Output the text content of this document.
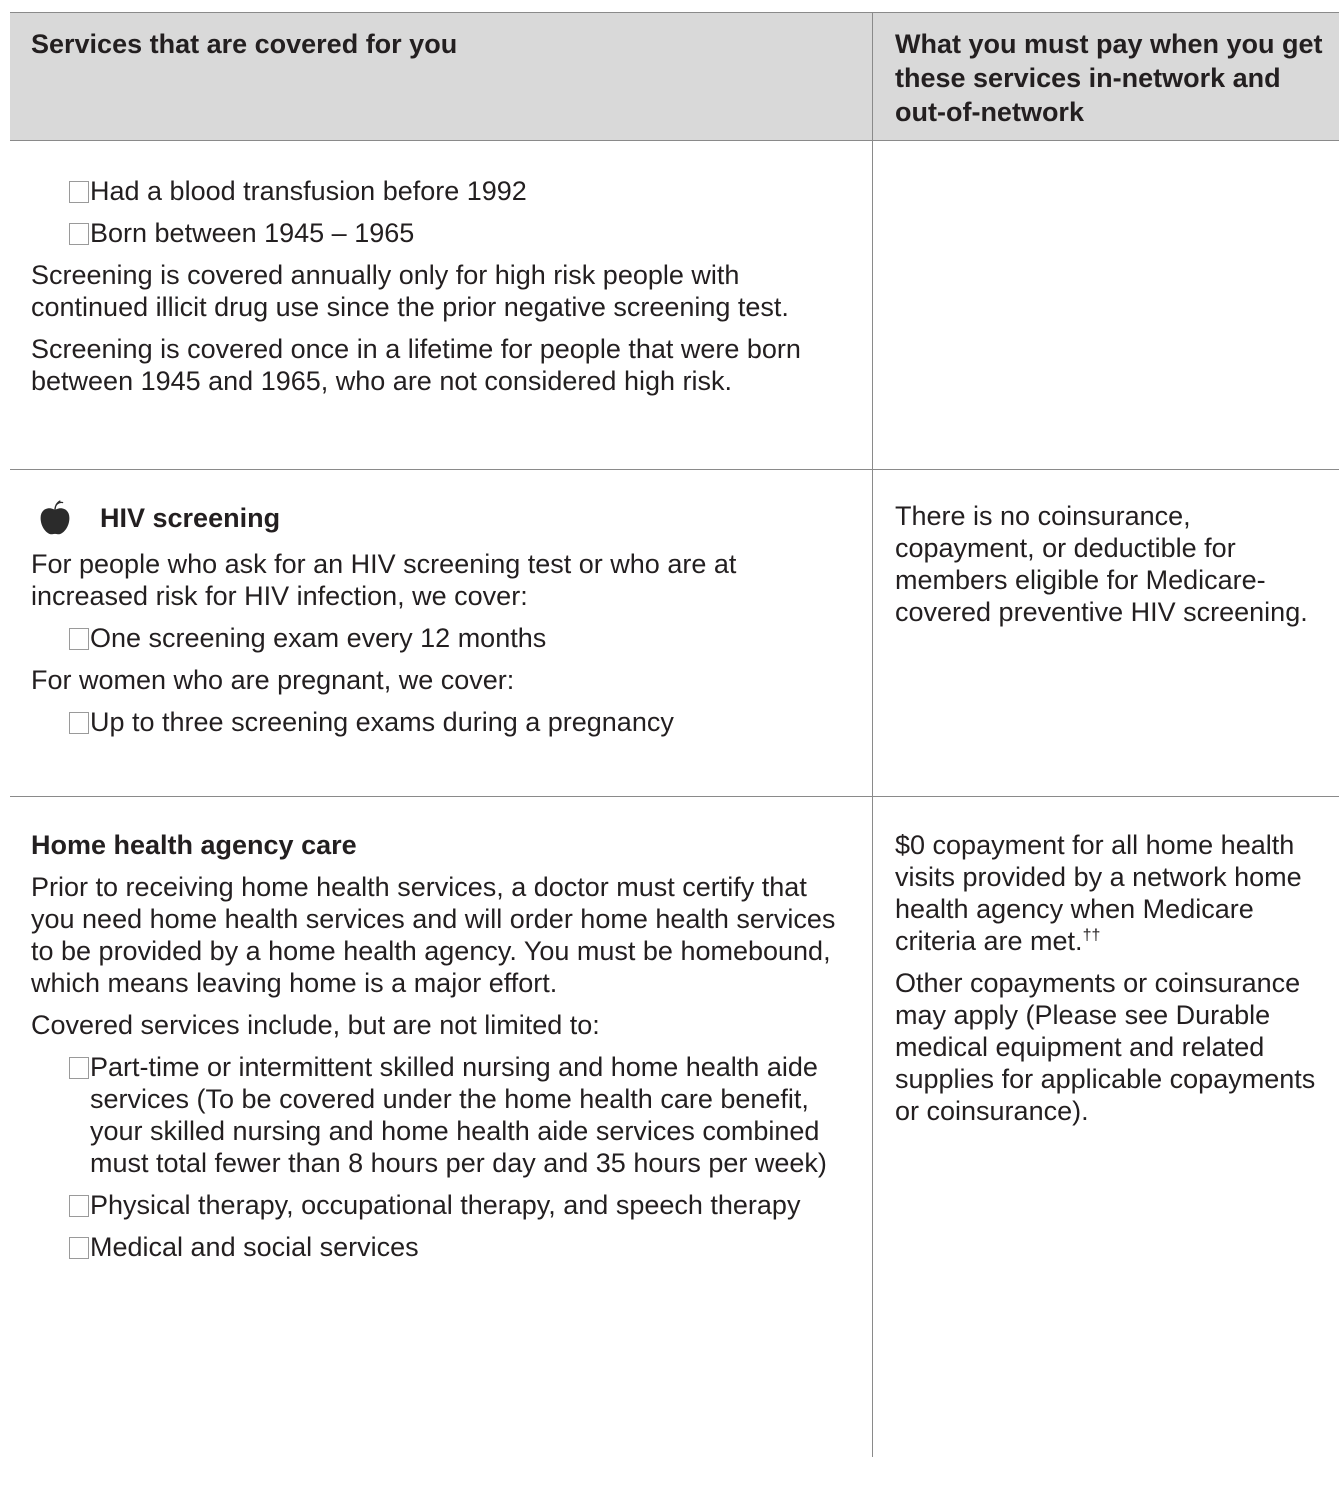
Services that are covered for you	What you must pay when you get these services in-network and out-of-network
Had a blood transfusion before 1992
Born between 1945 – 1965

Screening is covered annually only for high risk people with continued illicit drug use since the prior negative screening test.

Screening is covered once in a lifetime for people that were born between 1945 and 1965, who are not considered high risk.

HIV screening

For people who ask for an HIV screening test or who are at increased risk for HIV infection, we cover:

One screening exam every 12 months

For women who are pregnant, we cover:

Up to three screening exams during a pregnancy

There is no coinsurance, copayment, or deductible for members eligible for Medicare-covered preventive HIV screening.

Home health agency care

Prior to receiving home health services, a doctor must certify that you need home health services and will order home health services to be provided by a home health agency. You must be homebound, which means leaving home is a major effort.

Covered services include, but are not limited to:

Part-time or intermittent skilled nursing and home health aide services (To be covered under the home health care benefit, your skilled nursing and home health aide services combined must total fewer than 8 hours per day and 35 hours per week)
Physical therapy, occupational therapy, and speech therapy
Medical and social services

$0 copayment for all home health visits provided by a network home health agency when Medicare criteria are met.††

Other copayments or coinsurance may apply (Please see Durable medical equipment and related supplies for applicable copayments or coinsurance).
